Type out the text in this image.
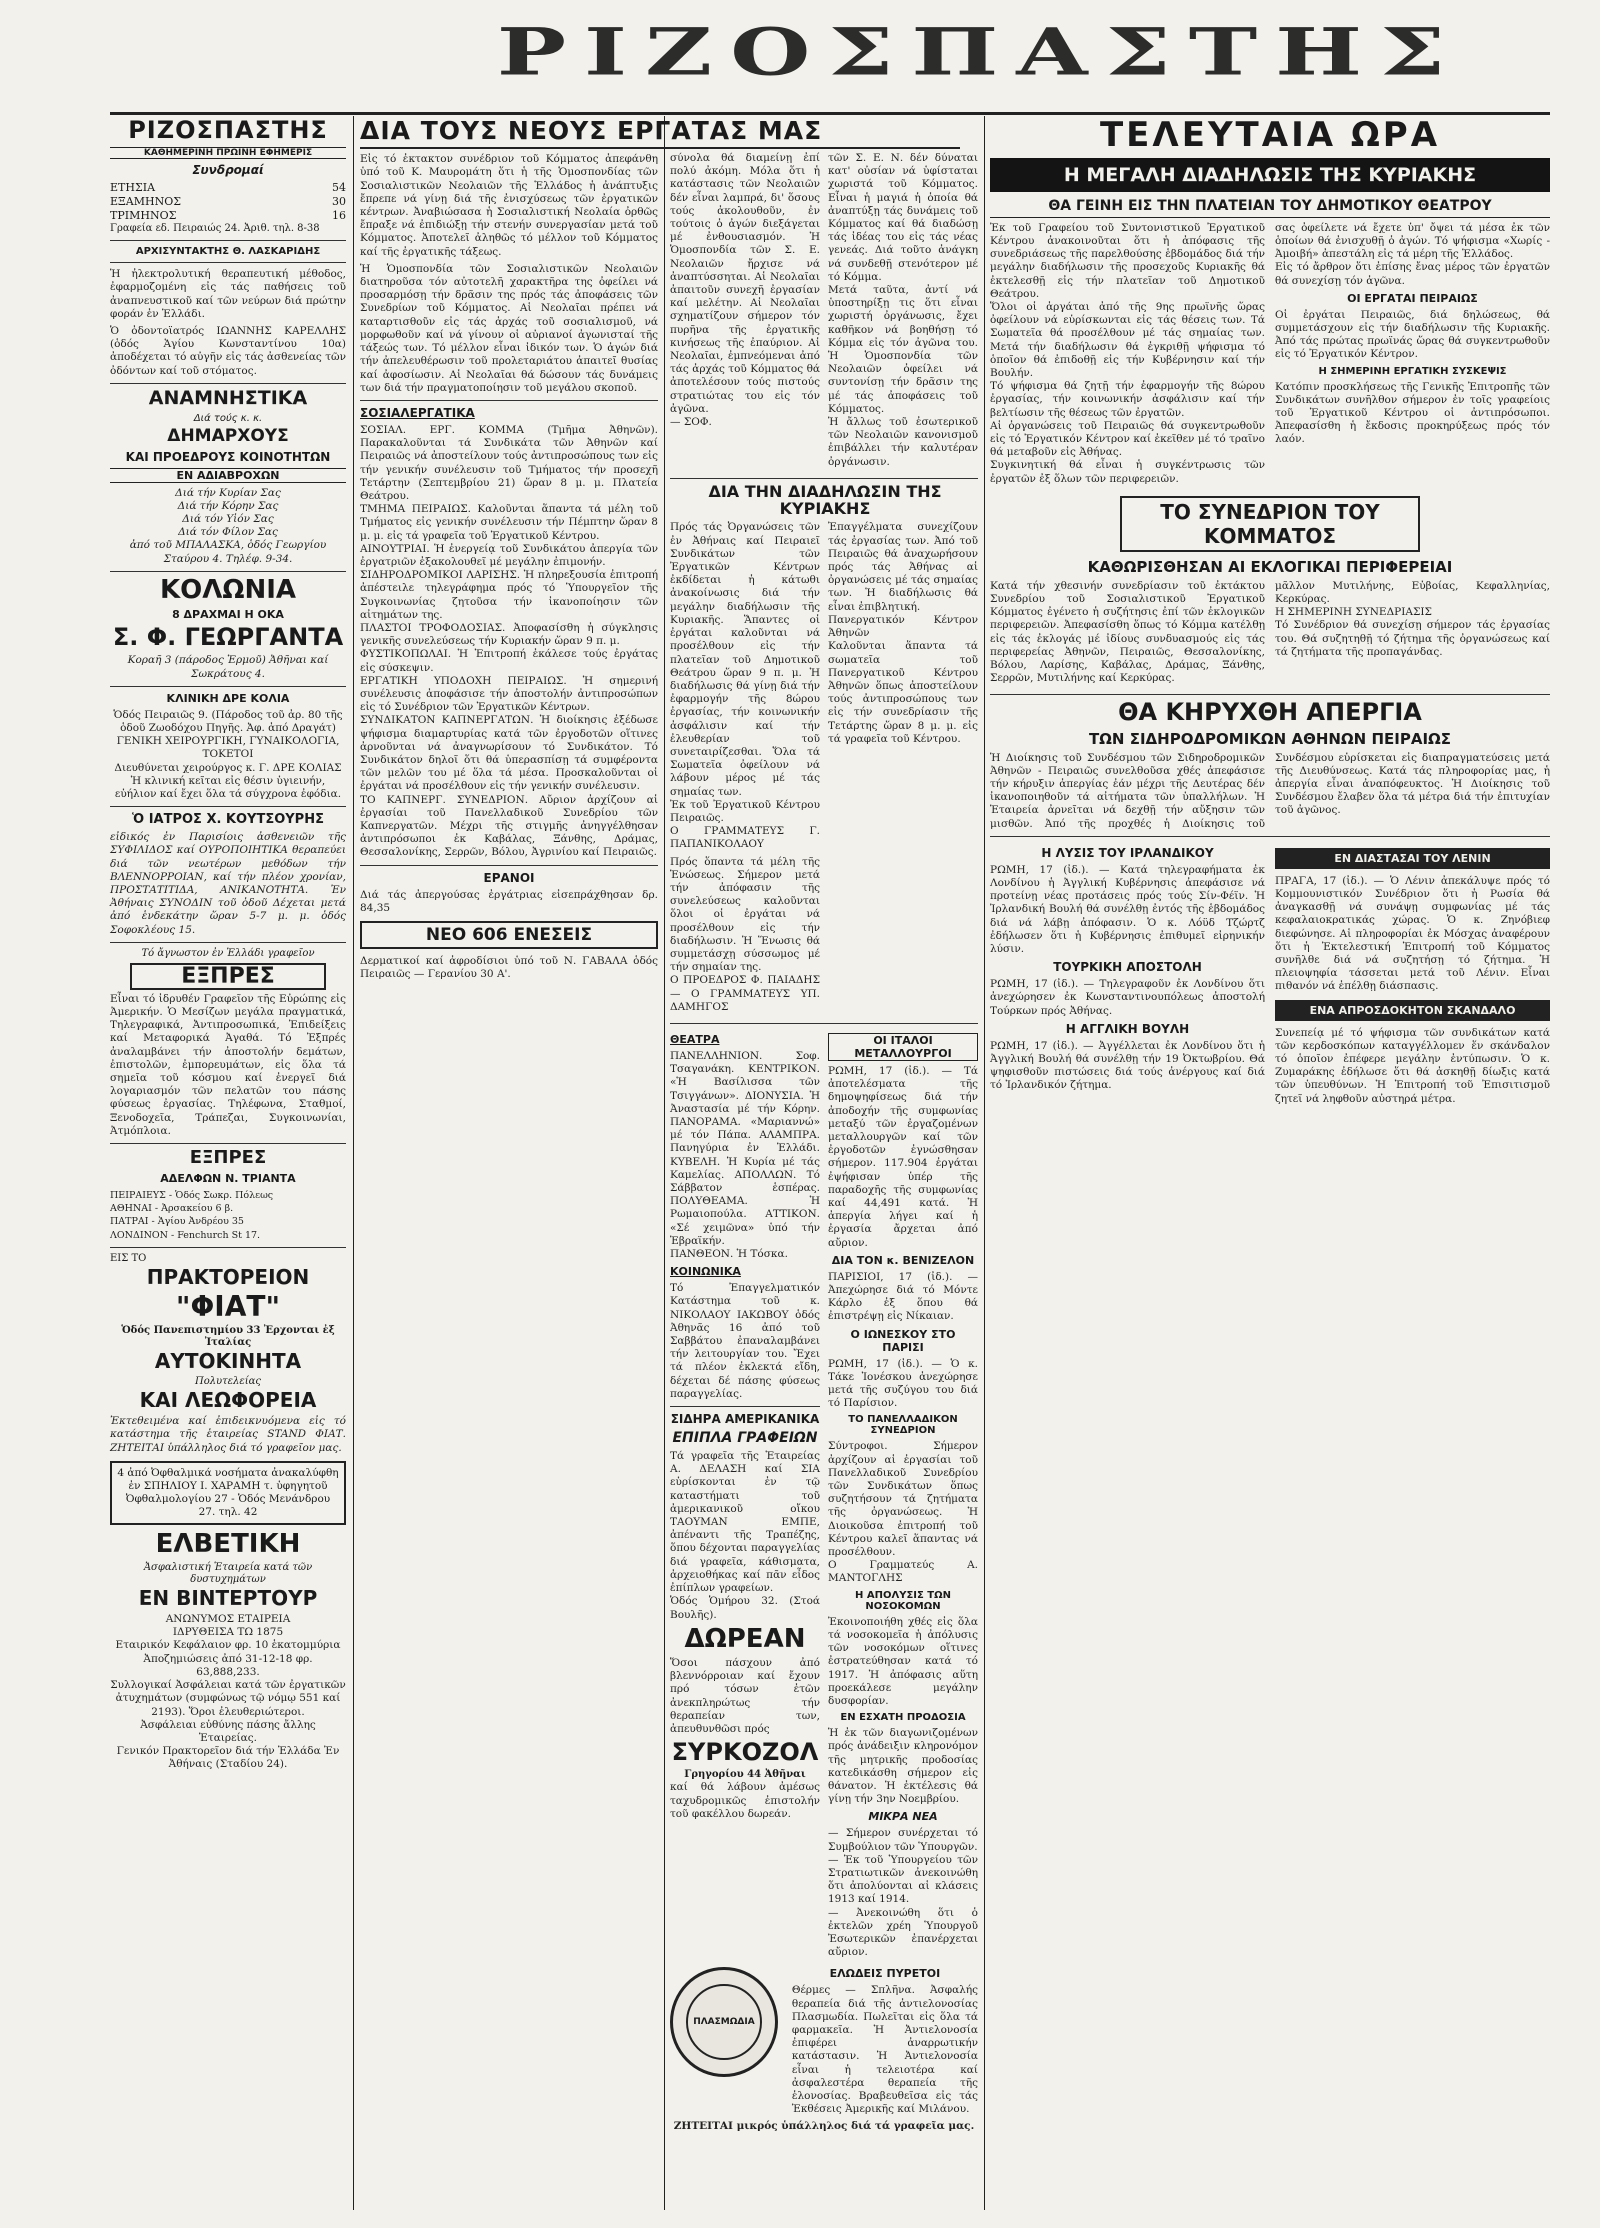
ΡΙΖΟΣΠΑΣΤΗΣ
ΡΙΖΟΣΠΑΣΤΗΣ
ΚΑΘΗΜΕΡΙΝΗ ΠΡΩΙΝΗ ΕΦΗΜΕΡΙΣ
Συνδρομαί
ΕΤΗΣΙΑ	54
ΕΞΑΜΗΝΟΣ	30
ΤΡΙΜΗΝΟΣ	16

Γραφεία εδ. Πειραιώς 24. Ἀριθ. τηλ. 8-38

ΑΡΧΙΣΥΝΤΑΚΤΗΣ Θ. ΛΑΣΚΑΡΙΔΗΣ

Ἡ ἠλεκτρολυτική θεραπευτική μέθοδος, ἐφαρμοζομένη εἰς τάς παθήσεις τοῦ ἀναπνευστικοῦ καί τῶν νεύρων διά πρώτην φοράν ἐν Ἑλλάδι.

Ὁ ὀδοντοϊατρός ΙΩΑΝΝΗΣ ΚΑΡΕΛΛΗΣ (ὁδός Ἁγίου Κωνσταντίνου 10α) ἀποδέχεται τό αὐγῆν εἰς τάς ἀσθενείας τῶν ὀδόντων καί τοῦ στόματος.

ΑΝΑΜΝΗΣΤΙΚΑ
Διά τούς κ. κ.
ΔΗΜΑΡΧΟΥΣ
ΚΑΙ ΠΡΟΕΔΡΟΥΣ ΚΟΙΝΟΤΗΤΩΝ
ΕΝ ΑΔΙΑΒΡΟΧΩΝ

Διά τήν Κυρίαν Σας
Διά τήν Κόρην Σας
Διά τόν Υἱόν Σας
Διά τόν Φίλον Σας
ἀπό τοῦ ΜΠΑΛΑΣΚΑ, ὁδός Γεωργίου Σταύρου 4. Τηλέφ. 9-34.

ΚΟΛΩΝΙΑ
8 ΔΡΑΧΜΑΙ Η ΟΚΑ
Σ. Φ. ΓΕΩΡΓΑΝΤΑ

Κοραῆ 3 (πάροδος Ἑρμοῦ) Ἀθῆναι καί Σωκράτους 4.

ΚΛΙΝΙΚΗ ΔΡΕ ΚΟΛΙΑ

Ὁδός Πειραιῶς 9. (Πάροδος τοῦ ἀρ. 80 τῆς ὁδοῦ Ζωοδόχου Πηγῆς. Ἀφ. ἀπό Δραγάτ)
ΓΕΝΙΚΗ ΧΕΙΡΟΥΡΓΙΚΗ, ΓΥΝΑΙΚΟΛΟΓΙΑ, ΤΟΚΕΤΟΙ
Διευθύνεται χειρούργος κ. Γ. ΔΡΕ ΚΟΛΙΑΣ
Ἡ κλινική κεῖται εἰς θέσιν ὑγιεινήν, εὐήλιον καί ἔχει ὅλα τά σύγχρονα ἐφόδια.

Ὁ ΙΑΤΡΟΣ Χ. ΚΟΥΤΣΟΥΡΗΣ

εἰδικός ἐν Παρισίοις ἀσθενειῶν τῆς ΣΥΦΙΛΙΔΟΣ καί ΟΥΡΟΠΟΙΗΤΙΚΑ θεραπεύει διά τῶν νεωτέρων μεθόδων τήν ΒΛΕΝΝΟΡΡΟΙΑΝ, καί τήν πλέον χρονίαν, ΠΡΟΣΤΑΤΙΤΙΔΑ, ΑΝΙΚΑΝΟΤΗΤΑ. Ἐν Ἀθήναις ΣΥΝΟΔΙΝ τοῦ ὁδοῦ Δέχεται μετά ἀπό ἑνδεκάτην ὥραν 5-7 μ. μ. ὁδός Σοφοκλέους 15.

Τό ἄγνωστον ἐν Ἑλλάδι γραφεῖον

ΕΞΠΡΕΣ

Εἶναι τό ἰδρυθέν Γραφεῖον τῆς Εὐρώπης εἰς Ἀμερικήν. Ὁ Μεσίζων μεγάλα πραγματικά, Τηλεγραφικά, Ἀντιπροσωπικά, Ἐπιδείξεις καί Μεταφορικά Ἀγαθά. Τό Ἐξπρές ἀναλαμβάνει τήν ἀποστολήν δεμάτων, ἐπιστολῶν, ἐμπορευμάτων, εἰς ὅλα τά σημεῖα τοῦ κόσμου καί ἐνεργεῖ διά λογαριασμόν τῶν πελατῶν του πάσης φύσεως ἐργασίας. Τηλέφωνα, Σταθμοί, Ξενοδοχεῖα, Τράπεζαι, Συγκοινωνίαι, Ἀτμόπλοια.

ΕΞΠΡΕΣ
ΑΔΕΛΦΩΝ Ν. ΤΡΙΑΝΤΑ

ΠΕΙΡΑΙΕΥΣ - Ὁδός Σωκρ. Πόλεως
ΑΘΗΝΑΙ - Ἀρσακείου 6 β.
ΠΑΤΡΑΙ - Ἁγίου Ἀνδρέου 35
ΛΟΝΔΙΝΟΝ - Fenchurch St 17.

ΕΙΣ ΤΟ

ΠΡΑΚΤΟΡΕΙΟΝ
"ΦΙΑΤ"

Ὁδός Πανεπιστημίου 33 Ἐρχονται ἐξ Ἰταλίας

ΑΥΤΟΚΙΝΗΤΑ

Πολυτελείας

ΚΑΙ ΛΕΩΦΟΡΕΙΑ

Ἐκτεθειμένα καί ἐπιδεικνυόμενα εἰς τό κατάστημα τῆς ἑταιρείας STAND ΦΙΑΤ. ΖΗΤΕΙΤΑΙ ὑπάλληλος διά τό γραφεῖον μας.

4 ἀπό Ὀφθαλμικά νοσήματα ἀνακαλύφθη ἐν ΣΠΗΛΙΟΥ Ι. ΧΑΡΑΜΗ τ. ὑφηγητοῦ Ὀφθαλμολογίου 27 - Ὁδός Μενάνδρου 27. τηλ. 42
ΕΛΒΕΤΙΚΗ

Ἀσφαλιστική Ἑταιρεία κατά τῶν δυστυχημάτων

ΕΝ ΒΙΝΤΕΡΤΟΥΡ

ΑΝΩΝΥΜΟΣ ΕΤΑΙΡΕΙΑ
ΙΔΡΥΘΕΙΣΑ ΤΩ 1875
Εταιρικόν Κεφάλαιον φρ. 10 ἑκατομμύρια
Ἀποζημιώσεις ἀπό 31-12-18 φρ. 63,888,233.
Συλλογικαί Ἀσφάλειαι κατά τῶν ἐργατικῶν ἀτυχημάτων (συμφώνως τῷ νόμῳ 551 καί 2193). Ὅροι ἐλευθεριώτεροι.
Ἀσφάλειαι εὐθύνης πάσης ἄλλης Ἑταιρείας.
Γενικόν Πρακτορεῖον διά τήν Ἑλλάδα Ἐν Ἀθήναις (Σταδίου 24).

ΔΙΑ ΤΟΥΣ ΝΕΟΥΣ ΕΡΓΑΤΑΣ ΜΑΣ

Εἰς τό ἐκτακτον συνέδριον τοῦ Κόμματος ἀπεφάνθη ὑπό τοῦ Κ. Μαυρομάτη ὅτι ἡ τῆς Ὁμοσπονδίας τῶν Σοσιαλιστικῶν Νεολαιῶν τῆς Ἑλλάδος ἡ ἀνάπτυξις ἔπρεπε νά γίνῃ διά τῆς ἐνισχύσεως τῶν ἐργατικῶν κέντρων. Ἀναβιώσασα ἡ Σοσιαλιστική Νεολαία ὀρθῶς ἔπραξε νά ἐπιδιώξῃ τήν στενήν συνεργασίαν μετά τοῦ Κόμματος. Ἀποτελεῖ ἀληθῶς τό μέλλον τοῦ Κόμματος καί τῆς ἐργατικῆς τάξεως.

Ἡ Ὁμοσπονδία τῶν Σοσιαλιστικῶν Νεολαιῶν διατηροῦσα τόν αὐτοτελῆ χαρακτῆρα της ὀφείλει νά προσαρμόσῃ τήν δρᾶσιν της πρός τάς ἀποφάσεις τῶν Συνεδρίων τοῦ Κόμματος. Αἱ Νεολαῖαι πρέπει νά καταρτισθοῦν εἰς τάς ἀρχάς τοῦ σοσιαλισμοῦ, νά μορφωθοῦν καί νά γίνουν οἱ αὐριανοί ἀγωνισταί τῆς τάξεώς των. Τό μέλλον εἶναι ἰδικόν των. Ὁ ἀγών διά τήν ἀπελευθέρωσιν τοῦ προλεταριάτου ἀπαιτεῖ θυσίας καί ἀφοσίωσιν. Αἱ Νεολαῖαι θά δώσουν τάς δυνάμεις των διά τήν πραγματοποίησιν τοῦ μεγάλου σκοποῦ.

ΣΟΣΙΑΛΕΡΓΑΤΙΚΑ

ΣΟΣΙΑΛ. ΕΡΓ. ΚΟΜΜΑ (Τμῆμα Ἀθηνῶν). Παρακαλοῦνται τά Συνδικάτα τῶν Ἀθηνῶν καί Πειραιῶς νά ἀποστείλουν τούς ἀντιπροσώπους των εἰς τήν γενικήν συνέλευσιν τοῦ Τμήματος τήν προσεχῆ Τετάρτην (Σεπτεμβρίου 21) ὥραν 8 μ. μ. Πλατεία Θεάτρου.
ΤΜΗΜΑ ΠΕΙΡΑΙΩΣ. Καλοῦνται ἅπαντα τά μέλη τοῦ Τμήματος εἰς γενικήν συνέλευσιν τήν Πέμπτην ὥραν 8 μ. μ. εἰς τά γραφεῖα τοῦ Ἐργατικοῦ Κέντρου.
ΑΙΝΟΥΤΡΙΑΙ. Ἡ ἐνεργείᾳ τοῦ Συνδικάτου ἀπεργία τῶν ἐργατριῶν ἐξακολουθεῖ μέ μεγάλην ἐπιμονήν.
ΣΙΔΗΡΟΔΡΟΜΙΚΟΙ ΛΑΡΙΣΗΣ. Ἡ πληρεξουσία ἐπιτροπή ἀπέστειλε τηλεγράφημα πρός τό Ὑπουργεῖον τῆς Συγκοινωνίας ζητοῦσα τήν ἰκανοποίησιν τῶν αἰτημάτων της.
ΠΛΑΣΤΟΙ ΤΡΟΦΟΔΟΣΙΑΣ. Ἀποφασίσθη ἡ σύγκλησις γενικῆς συνελεύσεως τήν Κυριακήν ὥραν 9 π. μ.
ΦΥΣΤΙΚΟΠΩΛΑΙ. Ἡ Ἐπιτροπή ἐκάλεσε τούς ἐργάτας εἰς σύσκεψιν.
ΕΡΓΑΤΙΚΗ ΥΠΟΔΟΧΗ ΠΕΙΡΑΙΩΣ. Ἡ σημερινή συνέλευσις ἀποφάσισε τήν ἀποστολήν ἀντιπροσώπων εἰς τό Συνέδριον τῶν Ἐργατικῶν Κέντρων.
ΣΥΝΔΙΚΑΤΟΝ ΚΑΠΝΕΡΓΑΤΩΝ. Ἡ διοίκησις ἐξέδωσε ψήφισμα διαμαρτυρίας κατά τῶν ἐργοδοτῶν οἵτινες ἀρνοῦνται νά ἀναγνωρίσουν τό Συνδικάτον. Τό Συνδικάτον δηλοῖ ὅτι θά ὑπερασπίσῃ τά συμφέροντα τῶν μελῶν του μέ ὅλα τά μέσα. Προσκαλοῦνται οἱ ἐργάται νά προσέλθουν εἰς τήν γενικήν συνέλευσιν.
ΤΟ ΚΑΠΝΕΡΓ. ΣΥΝΕΔΡΙΟΝ. Αὔριον ἀρχίζουν αἱ ἐργασίαι τοῦ Πανελλαδικοῦ Συνεδρίου τῶν Καπνεργατῶν. Μέχρι τῆς στιγμῆς ἀνηγγέλθησαν ἀντιπρόσωποι ἐκ Καβάλας, Ξάνθης, Δράμας, Θεσσαλονίκης, Σερρῶν, Βόλου, Ἀγρινίου καί Πειραιῶς.

ΕΡΑΝΟΙ

Διά τάς ἀπεργούσας ἐργάτριας εἰσεπράχθησαν δρ. 84,35

ΝΕΟ 606 ΕΝΕΣΕΙΣ

Δερματικοί καί ἀφροδίσιοι ὑπό τοῦ Ν. ΓΑΒΑΛΑ ὁδός Πειραιῶς — Γερανίου 30 Α'.

σύνολα θά διαμείνῃ ἐπί πολύ ἀκόμη. Μόλα ὅτι ἡ κατάστασις τῶν Νεολαιῶν δέν εἶναι λαμπρά, δι' ὅσους τούς ἀκολουθοῦν, ἐν τούτοις ὁ ἀγών διεξάγεται μέ ἐνθουσιασμόν. Ἡ Ὁμοσπονδία τῶν Σ. Ε. Νεολαιῶν ἤρχισε νά ἀναπτύσσηται. Αἱ Νεολαῖαι ἀπαιτοῦν συνεχῆ ἐργασίαν καί μελέτην. Αἱ Νεολαῖαι σχηματίζουν σήμερον τόν πυρῆνα τῆς ἐργατικῆς κινήσεως τῆς ἐπαύριον. Αἱ Νεολαῖαι, ἐμπνεόμεναι ἀπό τάς ἀρχάς τοῦ Κόμματος θά ἀποτελέσουν τούς πιστούς στρατιώτας του εἰς τόν ἀγῶνα.
— ΣΟΦ.

τῶν Σ. Ε. Ν. δέν δύναται κατ' οὐσίαν νά ὑφίσταται χωριστά τοῦ Κόμματος. Εἶναι ἡ μαγιά ἡ ὁποία θά ἀναπτύξῃ τάς δυνάμεις τοῦ Κόμματος καί θά διαδώσῃ τάς ἰδέας του εἰς τάς νέας γενεάς. Διά τοῦτο ἀνάγκη νά συνδεθῇ στενότερον μέ τό Κόμμα.
Μετά ταῦτα, ἀντί νά ὑποστηρίξῃ τις ὅτι εἶναι χωριστή ὀργάνωσις, ἔχει καθῆκον νά βοηθήσῃ τό Κόμμα εἰς τόν ἀγῶνα του. Ἡ Ὁμοσπονδία τῶν Νεολαιῶν ὀφείλει νά συντονίσῃ τήν δρᾶσιν της μέ τάς ἀποφάσεις τοῦ Κόμματος.
Ἡ ἄλλως τοῦ ἐσωτερικοῦ τῶν Νεολαιῶν κανονισμοῦ ἐπιβάλλει τήν καλυτέραν ὀργάνωσιν.

ΔΙΑ ΤΗΝ ΔΙΑΔΗΛΩΣΙΝ ΤΗΣ ΚΥΡΙΑΚΗΣ

Πρός τάς Ὀργανώσεις τῶν ἐν Ἀθήναις καί Πειραιεῖ Συνδικάτων τῶν Ἐργατικῶν Κέντρων ἐκδίδεται ἡ κάτωθι ἀνακοίνωσις διά τήν μεγάλην διαδήλωσιν τῆς Κυριακῆς. Ἅπαντες οἱ ἐργάται καλοῦνται νά προσέλθουν εἰς τήν πλατεῖαν τοῦ Δημοτικοῦ Θεάτρου ὥραν 9 π. μ. Ἡ διαδήλωσις θά γίνῃ διά τήν ἐφαρμογήν τῆς 8ώρου ἐργασίας, τήν κοινωνικήν ἀσφάλισιν καί τήν ἐλευθερίαν τοῦ συνεταιρίζεσθαι. Ὅλα τά Σωματεῖα ὀφείλουν νά λάβουν μέρος μέ τάς σημαίας των.
Ἐκ τοῦ Ἐργατικοῦ Κέντρου Πειραιῶς.
Ο ΓΡΑΜΜΑΤΕΥΣ Γ. ΠΑΠΑΝΙΚΟΛΑΟΥ

Πρός ὅπαντα τά μέλη τῆς Ἑνώσεως. Σήμερον μετά τήν ἀπόφασιν τῆς συνελεύσεως καλοῦνται ὅλοι οἱ ἐργάται νά προσέλθουν εἰς τήν διαδήλωσιν. Ἡ Ἕνωσις θά συμμετάσχῃ σύσσωμος μέ τήν σημαίαν της.
Ο ΠΡΟΕΔΡΟΣ Φ. ΠΑΙΑΔΗΣ — Ο ΓΡΑΜΜΑΤΕΥΣ ΥΠ. ΔΑΜΗΓΟΣ

Ἐπαγγέλματα συνεχίζουν τάς ἐργασίας των. Ἀπό τοῦ Πειραιῶς θά ἀναχωρήσουν πρός τάς Ἀθήνας αἱ ὀργανώσεις μέ τάς σημαίας των. Ἡ διαδήλωσις θά εἶναι ἐπιβλητική.
Πανεργατικόν Κέντρον Ἀθηνῶν
Καλοῦνται ἅπαντα τά σωματεῖα τοῦ Πανεργατικοῦ Κέντρου Ἀθηνῶν ὅπως ἀποστείλουν τούς ἀντιπροσώπους των εἰς τήν συνεδρίασιν τῆς Τετάρτης ὥραν 8 μ. μ. εἰς τά γραφεῖα τοῦ Κέντρου.

ΘΕΑΤΡΑ

ΠΑΝΕΛΛΗΝΙΟΝ. Σοφ. Τσαγανάκη. ΚΕΝΤΡΙΚΟΝ. «Ἡ Βασίλισσα τῶν Τσιγγάνων». ΔΙΟΝΥΣΙΑ. Ἡ Ἀναστασία μέ τήν Κόρην. ΠΑΝΟΡΑΜΑ. «Μαριαννώ» μέ τόν Πάπα. ΑΛΑΜΠΡΑ. Πανηγύρια ἐν Ἑλλάδι. ΚΥΒΕΛΗ. Ἡ Κυρία μέ τάς Καμελίας. ΑΠΟΛΛΩΝ. Τό Σάββατον ἑσπέρας. ΠΟΛΥΘΕΑΜΑ. Ἡ Ρωμαιοπούλα. ΑΤΤΙΚΟΝ. «Σέ χειμῶνα» ὑπό τήν Ἑβραϊκήν.
ΠΑΝΘΕΟΝ. Ἡ Τόσκα.

ΚΟΙΝΩΝΙΚΑ

Τό Ἐπαγγελματικόν Κατάστημα τοῦ κ. ΝΙΚΟΛΑΟΥ ΙΑΚΩΒΟΥ ὁδός Ἀθηνᾶς 16 ἀπό τοῦ Σαββάτου ἐπαναλαμβάνει τήν λειτουργίαν του. Ἔχει τά πλέον ἐκλεκτά εἴδη, δέχεται δέ πάσης φύσεως παραγγελίας.

ΣΙΔΗΡΑ ΑΜΕΡΙΚΑΝΙΚΑ
ΕΠΙΠΛΑ ΓΡΑΦΕΙΩΝ

Τά γραφεῖα τῆς Ἑταιρείας Α. ΔΕΛΑΣΗ καί ΣΙΑ εὑρίσκονται ἐν τῷ καταστήματι τοῦ ἀμερικανικοῦ οἴκου ΤΑΟΥΜΑΝ ΕΜΠΕ, ἀπέναντι τῆς Τραπέζης, ὅπου δέχονται παραγγελίας διά γραφεῖα, κάθισματα, ἀρχειοθήκας καί πᾶν εἶδος ἐπίπλων γραφείων.
Ὁδός Ὁμήρου 32. (Στοά Βουλῆς).

ΔΩΡΕΑΝ

Ὅσοι πάσχουν ἀπό βλεννόρροιαν καί ἔχουν πρό τόσων ἐτῶν ἀνεκπληρώτως τήν θεραπείαν των, ἀπευθυνθῶσι πρός

ΣΥΡΚΟΖΟΛ

Γρηγορίου 44 Ἀθῆναι

καί θά λάβουν ἀμέσως ταχυδρομικῶς ἐπιστολήν τοῦ φακέλλου δωρεάν.

ΟΙ ΙΤΑΛΟΙ ΜΕΤΑΛΛΟΥΡΓΟΙ

ΡΩΜΗ, 17 (ἰδ.). — Τά ἀποτελέσματα τῆς δημοψηφίσεως διά τήν ἀποδοχήν τῆς συμφωνίας μεταξύ τῶν ἐργαζομένων μεταλλουργῶν καί τῶν ἐργοδοτῶν ἐγνώσθησαν σήμερον. 117.904 ἐργάται ἐψήφισαν ὑπέρ τῆς παραδοχῆς τῆς συμφωνίας καί 44,491 κατά. Ἡ ἀπεργία λήγει καί ἡ ἐργασία ἄρχεται ἀπό αὔριον.

ΔΙΑ ΤΟΝ κ. ΒΕΝΙΖΕΛΟΝ

ΠΑΡΙΣΙΟΙ, 17 (ἰδ.). — Ἀπεχώρησε διά τό Μόντε Κάρλο ἐξ ὅπου θά ἐπιστρέψῃ εἰς Νίκαιαν.

Ο ΙΩΝΕΣΚΟΥ ΣΤΟ ΠΑΡΙΣΙ

ΡΩΜΗ, 17 (ἰδ.). — Ὁ κ. Τάκε Ἰονέσκου ἀνεχώρησε μετά τῆς συζύγου του διά τό Παρίσιον.

ΤΟ ΠΑΝΕΛΛΑΔΙΚΟΝ ΣΥΝΕΔΡΙΟΝ

Σύντροφοι. Σήμερον ἀρχίζουν αἱ ἐργασίαι τοῦ Πανελλαδικοῦ Συνεδρίου τῶν Συνδικάτων ὅπως συζητήσουν τά ζητήματα τῆς ὀργανώσεως. Ἡ Διοικοῦσα ἐπιτροπή τοῦ Κέντρου καλεῖ ἅπαντας νά προσέλθουν.
Ο Γραμματεύς Α. ΜΑΝΤΟΓΛΗΣ

Η ΑΠΟΛΥΣΙΣ ΤΩΝ ΝΟΣΟΚΟΜΩΝ

Ἐκοινοποιήθη χθές εἰς ὅλα τά νοσοκομεῖα ἡ ἀπόλυσις τῶν νοσοκόμων οἵτινες ἐστρατεύθησαν κατά τό 1917. Ἡ ἀπόφασις αὕτη προεκάλεσε μεγάλην δυσφορίαν.

ΕΝ ΕΣΧΑΤΗ ΠΡΟΔΟΣΙΑ

Ἡ ἐκ τῶν διαγωνιζομένων πρός ἀνάδειξιν κληρονόμον τῆς μητρικῆς προδοσίας κατεδικάσθη σήμερον εἰς θάνατον. Ἡ ἐκτέλεσις θά γίνῃ τήν 3ην Νοεμβρίου.

ΜΙΚΡΑ ΝΕΑ

— Σήμερον συνέρχεται τό Συμβούλιον τῶν Ὑπουργῶν.
— Ἐκ τοῦ Ὑπουργείου τῶν Στρατιωτικῶν ἀνεκοινώθη ὅτι ἀπολύονται αἱ κλάσεις 1913 καί 1914.
— Ἀνεκοινώθη ὅτι ὁ ἐκτελῶν χρέη Ὑπουργοῦ Ἐσωτερικῶν ἐπανέρχεται αὔριον.

ΠΛΑΣΜΩΔΙΑ
ΕΛΩΔΕΙΣ ΠΥΡΕΤΟΙ

Θέρμες — Σπλῆνα. Ἀσφαλής θεραπεία διά τῆς ἀντιελονοσίας Πλασμωδία. Πωλεῖται εἰς ὅλα τά φαρμακεῖα. Ἡ Ἀντιελονοσία ἐπιφέρει ἀναρρωτικήν κατάστασιν. Ἡ Ἀντιελονοσία εἶναι ἡ τελειοτέρα καί ἀσφαλεστέρα θεραπεία τῆς ἑλονοσίας. Βραβευθεῖσα εἰς τάς Ἐκθέσεις Ἀμερικῆς καί Μιλάνου.

ΖΗΤΕΙΤΑΙ μικρός ὑπάλληλος διά τά γραφεῖα μας.

ΤΕΛΕΥΤΑΙΑ ΩΡΑ
Η ΜΕΓΑΛΗ ΔΙΑΔΗΛΩΣΙΣ ΤΗΣ ΚΥΡΙΑΚΗΣ
ΘΑ ΓΕΙΝΗ ΕΙΣ ΤΗΝ ΠΛΑΤΕΙΑΝ ΤΟΥ ΔΗΜΟΤΙΚΟΥ ΘΕΑΤΡΟΥ

Ἐκ τοῦ Γραφείου τοῦ Συντονιστικοῦ Ἐργατικοῦ Κέντρου ἀνακοινοῦται ὅτι ἡ ἀπόφασις τῆς συνεδριάσεως τῆς παρελθούσης ἑβδομάδος διά τήν μεγάλην διαδήλωσιν τῆς προσεχοῦς Κυριακῆς θά ἐκτελεσθῇ εἰς τήν πλατεῖαν τοῦ Δημοτικοῦ Θεάτρου.
Ὅλοι οἱ ἀργάται ἀπό τῆς 9ης πρωϊνῆς ὥρας ὀφείλουν νά εὑρίσκωνται εἰς τάς θέσεις των. Τά Σωματεῖα θά προσέλθουν μέ τάς σημαίας των. Μετά τήν διαδήλωσιν θά ἐγκριθῇ ψήφισμα τό ὁποῖον θά ἐπιδοθῇ εἰς τήν Κυβέρνησιν καί τήν Βουλήν.
Τό ψήφισμα θά ζητῇ τήν ἐφαρμογήν τῆς 8ώρου ἐργασίας, τήν κοινωνικήν ἀσφάλισιν καί τήν βελτίωσιν τῆς θέσεως τῶν ἐργατῶν.
Αἱ ὀργανώσεις τοῦ Πειραιῶς θά συγκεντρωθοῦν εἰς τό Ἐργατικόν Κέντρον καί ἐκεῖθεν μέ τό τραῖνο θά μεταβοῦν εἰς Ἀθήνας.
Συγκινητική θά εἶναι ἡ συγκέντρωσις τῶν ἐργατῶν ἐξ ὅλων τῶν περιφερειῶν.

σας ὀφείλετε νά ἔχετε ὑπ' ὄψει τά μέσα ἐκ τῶν ὁποίων θά ἐνισχυθῇ ὁ ἀγών. Τό ψήφισμα «Χωρίς - Ἀμοιβή» ἀπεστάλη εἰς τά μέρη τῆς Ἑλλάδος.
Εἰς τό ἄρθρον ὅτι ἐπίσης ἔνας μέρος τῶν ἐργατῶν θά συνεχίσῃ τόν ἀγῶνα.

ΟΙ ΕΡΓΑΤΑΙ ΠΕΙΡΑΙΩΣ

Οἱ ἐργάται Πειραιῶς, διά δηλώσεως, θά συμμετάσχουν εἰς τήν διαδήλωσιν τῆς Κυριακῆς. Ἀπό τάς πρώτας πρωϊνάς ὥρας θά συγκεντρωθοῦν εἰς τό Ἐργατικόν Κέντρον.

Η ΣΗΜΕΡΙΝΗ ΕΡΓΑΤΙΚΗ ΣΥΣΚΕΨΙΣ

Κατόπιν προσκλήσεως τῆς Γενικῆς Ἐπιτροπῆς τῶν Συνδικάτων συνῆλθον σήμερον ἐν τοῖς γραφείοις τοῦ Ἐργατικοῦ Κέντρου οἱ ἀντιπρόσωποι. Ἀπεφασίσθη ἡ ἔκδοσις προκηρύξεως πρός τόν λαόν.

ΤΟ ΣΥΝΕΔΡΙΟΝ ΤΟΥ ΚΟΜΜΑΤΟΣ
ΚΑΘΩΡΙΣΘΗΣΑΝ ΑΙ ΕΚΛΟΓΙΚΑΙ ΠΕΡΙΦΕΡΕΙΑΙ

Κατά τήν χθεσινήν συνεδρίασιν τοῦ ἐκτάκτου Συνεδρίου τοῦ Σοσιαλιστικοῦ Ἐργατικοῦ Κόμματος ἐγένετο ἡ συζήτησις ἐπί τῶν ἐκλογικῶν περιφερειῶν. Ἀπεφασίσθη ὅπως τό Κόμμα κατέλθῃ εἰς τάς ἐκλογάς μέ ἰδίους συνδυασμούς εἰς τάς περιφερείας Ἀθηνῶν, Πειραιῶς, Θεσσαλονίκης, Βόλου, Λαρίσης, Καβάλας, Δράμας, Ξάνθης, Σερρῶν, Μυτιλήνης καί Κερκύρας.

μᾶλλον Μυτιλήνης, Εὐβοίας, Κεφαλληνίας, Κερκύρας.
Η ΣΗΜΕΡΙΝΗ ΣΥΝΕΔΡΙΑΣΙΣ
Τό Συνέδριον θά συνεχίσῃ σήμερον τάς ἐργασίας του. Θά συζητηθῇ τό ζήτημα τῆς ὀργανώσεως καί τά ζητήματα τῆς προπαγάνδας.

ΘΑ ΚΗΡΥΧΘΗ ΑΠΕΡΓΙΑ
ΤΩΝ ΣΙΔΗΡΟΔΡΟΜΙΚΩΝ ΑΘΗΝΩΝ ΠΕΙΡΑΙΩΣ

Ἡ Διοίκησις τοῦ Συνδέσμου τῶν Σιδηροδρομικῶν Ἀθηνῶν - Πειραιῶς συνελθοῦσα χθές ἀπεφάσισε τήν κήρυξιν ἀπεργίας ἐάν μέχρι τῆς Δευτέρας δέν ἰκανοποιηθοῦν τά αἰτήματα τῶν ὑπαλλήλων. Ἡ Ἑταιρεία ἀρνεῖται νά δεχθῇ τήν αὔξησιν τῶν μισθῶν. Ἀπό τῆς προχθές ἡ Διοίκησις τοῦ Συνδέσμου εὑρίσκεται εἰς διαπραγματεύσεις μετά τῆς Διευθύνσεως. Κατά τάς πληροφορίας μας, ἡ ἀπεργία εἶναι ἀναπόφευκτος. Ἡ Διοίκησις τοῦ Συνδέσμου ἔλαβεν ὅλα τά μέτρα διά τήν ἐπιτυχίαν τοῦ ἀγῶνος.

Η ΛΥΣΙΣ ΤΟΥ ΙΡΛΑΝΔΙΚΟΥ

ΡΩΜΗ, 17 (ἰδ.). — Κατά τηλεγραφήματα ἐκ Λονδίνου ἡ Ἀγγλική Κυβέρνησις ἀπεφάσισε νά προτείνῃ νέας προτάσεις πρός τούς Σίν-Φέϊν. Ἡ Ἰρλανδική Βουλή θά συνέλθῃ ἐντός τῆς ἑβδομάδος διά νά λάβῃ ἀπόφασιν. Ὁ κ. Λόϋδ Τζώρτζ ἐδήλωσεν ὅτι ἡ Κυβέρνησις ἐπιθυμεῖ εἰρηνικήν λύσιν.

ΤΟΥΡΚΙΚΗ ΑΠΟΣΤΟΛΗ

ΡΩΜΗ, 17 (ἰδ.). — Τηλεγραφοῦν ἐκ Λονδίνου ὅτι ἀνεχώρησεν ἐκ Κωνσταντινουπόλεως ἀποστολή Τούρκων πρός Ἀθήνας.

Η ΑΓΓΛΙΚΗ ΒΟΥΛΗ

ΡΩΜΗ, 17 (ἰδ.). — Ἀγγέλλεται ἐκ Λονδίνου ὅτι ἡ Ἀγγλική Βουλή θά συνέλθῃ τήν 19 Ὀκτωβρίου. Θά ψηφισθοῦν πιστώσεις διά τούς ἀνέργους καί διά τό Ἰρλανδικόν ζήτημα.

ΕΝ ΔΙΑΣΤΑΣΑΙ ΤΟΥ ΛΕΝΙΝ

ΠΡΑΓΑ, 17 (ἰδ.). — Ὁ Λένιν ἀπεκάλυψε πρός τό Κομμουνιστικόν Συνέδριον ὅτι ἡ Ρωσία θά ἀναγκασθῇ νά συνάψῃ συμφωνίας μέ τάς κεφαλαιοκρατικάς χώρας. Ὁ κ. Ζηνόβιεφ διεφώνησε. Αἱ πληροφορίαι ἐκ Μόσχας ἀναφέρουν ὅτι ἡ Ἐκτελεστική Ἐπιτροπή τοῦ Κόμματος συνῆλθε διά νά συζητήσῃ τό ζήτημα. Ἡ πλειοψηφία τάσσεται μετά τοῦ Λένιν. Εἶναι πιθανόν νά ἐπέλθῃ διάσπασις.

ΕΝΑ ΑΠΡΟΣΔΟΚΗΤΟΝ ΣΚΑΝΔΑΛΟ

Συνεπείᾳ μέ τό ψήφισμα τῶν συνδικάτων κατά τῶν κερδοσκόπων καταγγέλλομεν ἕν σκάνδαλον τό ὁποῖον ἐπέφερε μεγάλην ἐντύπωσιν. Ὁ κ. Ζυμαράκης ἐδήλωσε ὅτι θά ἀσκηθῇ δίωξις κατά τῶν ὑπευθύνων. Ἡ Ἐπιτροπή τοῦ Ἐπισιτισμοῦ ζητεῖ νά ληφθοῦν αὐστηρά μέτρα.
